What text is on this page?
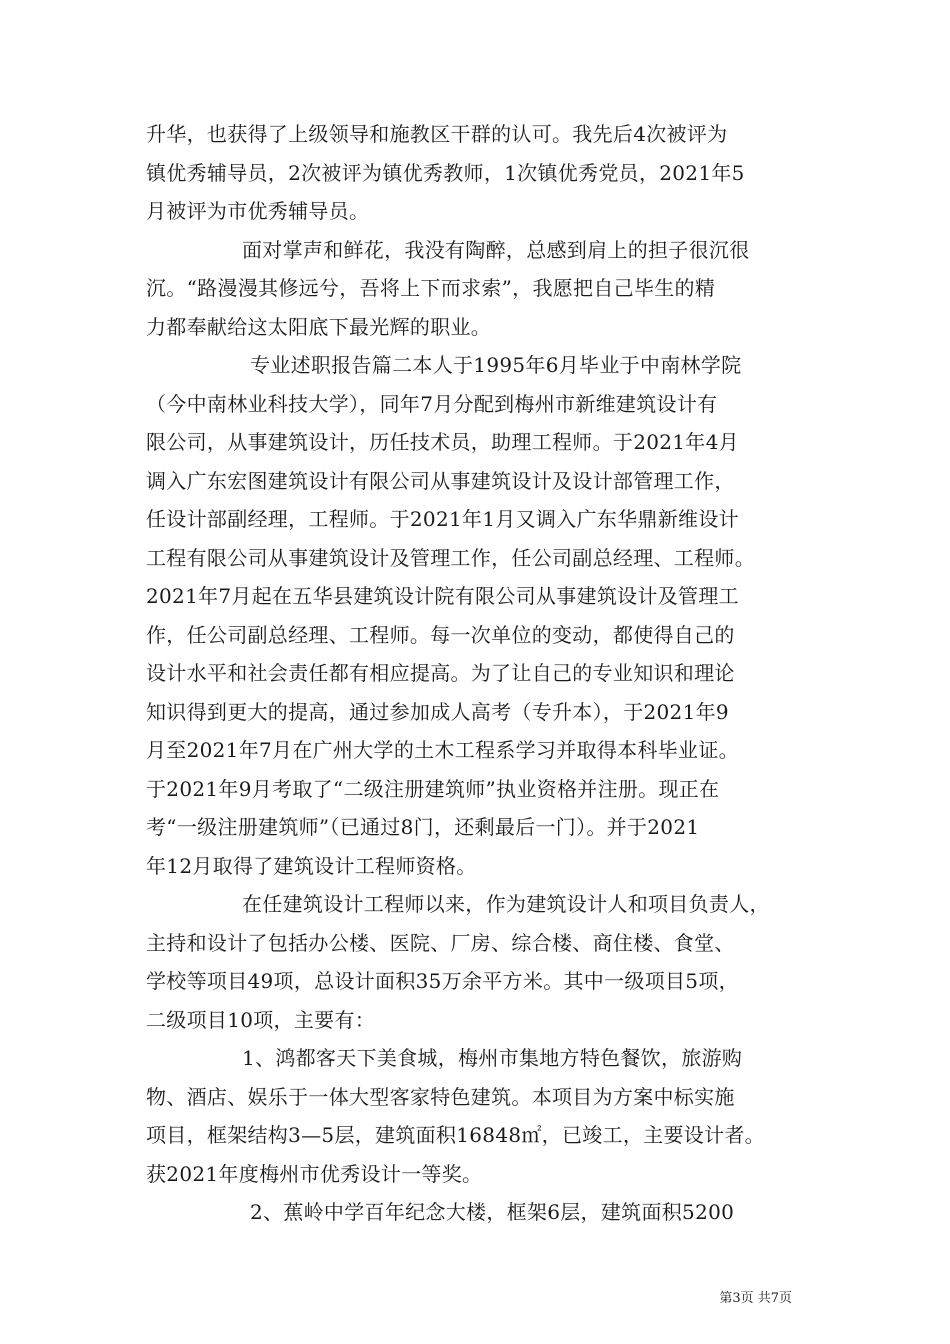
升华，也获得了上级领导和施教区干群的认可。我先后4次被评为
镇优秀辅导员，2次被评为镇优秀教师，1次镇优秀党员，2021年5
月被评为市优秀辅导员。
面对掌声和鲜花，我没有陶醉，总感到肩上的担子很沉很
沉。“路漫漫其修远兮，吾将上下而求索”，我愿把自己毕生的精
力都奉献给这太阳底下最光辉的职业。
专业述职报告篇二本人于1995年6月毕业于中南林学院
（今中南林业科技大学），同年7月分配到梅州市新维建筑设计有
限公司，从事建筑设计，历任技术员，助理工程师。于2021年4月
调入广东宏图建筑设计有限公司从事建筑设计及设计部管理工作，
任设计部副经理，工程师。于2021年1月又调入广东华鼎新维设计
工程有限公司从事建筑设计及管理工作，任公司副总经理、工程师。
2021年7月起在五华县建筑设计院有限公司从事建筑设计及管理工
作，任公司副总经理、工程师。每一次单位的变动，都使得自己的
设计水平和社会责任都有相应提高。为了让自己的专业知识和理论
知识得到更大的提高，通过参加成人高考（专升本），于2021年9
月至2021年7月在广州大学的土木工程系学习并取得本科毕业证。
于2021年9月考取了“二级注册建筑师”执业资格并注册。现正在
考“一级注册建筑师”（已通过8门，还剩最后一门）。并于2021
年12月取得了建筑设计工程师资格。
在任建筑设计工程师以来，作为建筑设计人和项目负责人，
主持和设计了包括办公楼、医院、厂房、综合楼、商住楼、食堂、
学校等项目49项，总设计面积35万余平方米。其中一级项目5项，
二级项目10项，主要有：
1、鸿都客天下美食城，梅州市集地方特色餐饮，旅游购
物、酒店、娱乐于一体大型客家特色建筑。本项目为方案中标实施
项目，框架结构3—5层，建筑面积16848㎡，已竣工，主要设计者。
获2021年度梅州市优秀设计一等奖。
2、蕉岭中学百年纪念大楼，框架6层，建筑面积5200
第3页 共7页
